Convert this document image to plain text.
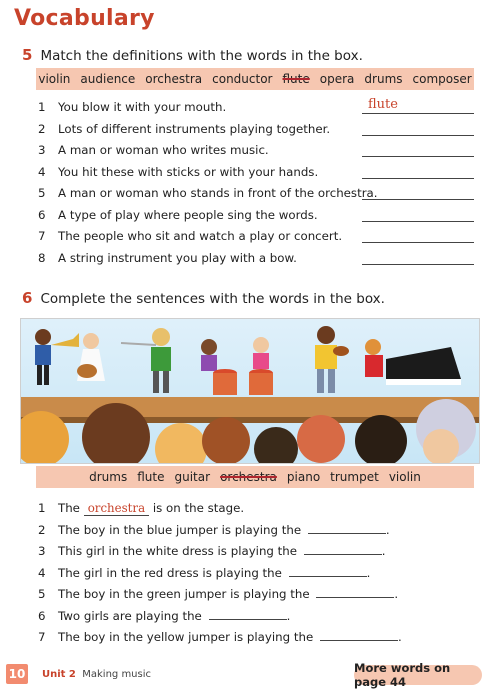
Vocabulary
5 Match the definitions with the words in the box.
violin audience orchestra conductor flute opera drums composer
1 You blow it with your mouth.	flute
2 Lots of different instruments playing together.
3 A man or woman who writes music.
4 You hit these with sticks or with your hands.
5 A man or woman who stands in front of the orchestra.
6 A type of play where people sing the words.
7 The people who sit and watch a play or concert.
8 A string instrument you play with a bow.
6 Complete the sentences with the words in the box.
drums flute guitar orchestra piano trumpet violin
1 The orchestra is on the stage.
2 The boy in the blue jumper is playing the	.
3 This girl in the white dress is playing the	.
4 The girl in the red dress is playing the	.
5 The boy in the green jumper is playing the	.
6 Two girls are playing the	.
7 The boy in the yellow jumper is playing the	.
10 Unit 2 Making music	More words on page 44
